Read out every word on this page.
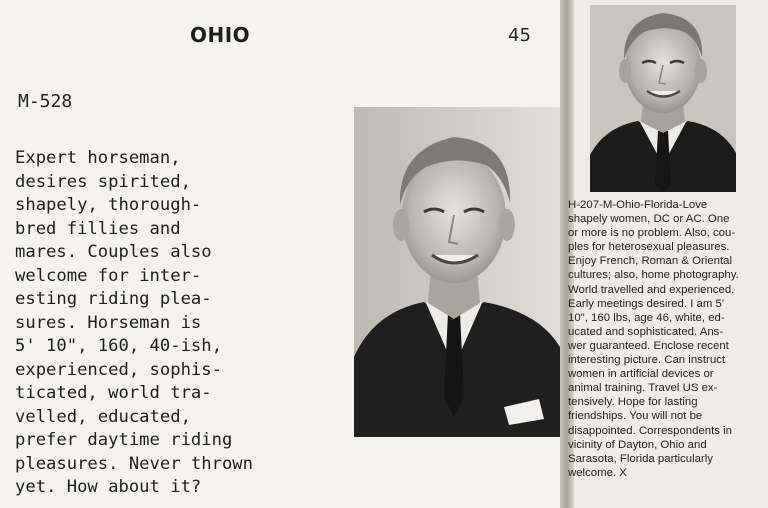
OHIO	45
M-528
Expert horseman,
desires spirited,
shapely, thorough-
bred fillies and
mares. Couples also
welcome for inter-
esting riding plea-
sures. Horseman is
5' 10", 160, 40-ish,
experienced, sophis-
ticated, world tra-
velled, educated,
prefer daytime riding
pleasures. Never thrown
yet. How about it?
H-207-M-Ohio-Florida-Love
shapely women, DC or AC. One
or more is no problem. Also, cou-
ples for heterosexual pleasures.
Enjoy French, Roman & Oriental
cultures; also, home photography.
World travelled and experienced.
Early meetings desired. I am 5'
10", 160 lbs, age 46, white, ed-
ucated and sophisticated. Ans-
wer guaranteed. Enclose recent
interesting picture. Can instruct
women in artificial devices or
animal training. Travel US ex-
tensively. Hope for lasting
friendships. You will not be
disappointed. Correspondents in
vicinity of Dayton, Ohio and
Sarasota, Florida particularly
welcome. X
